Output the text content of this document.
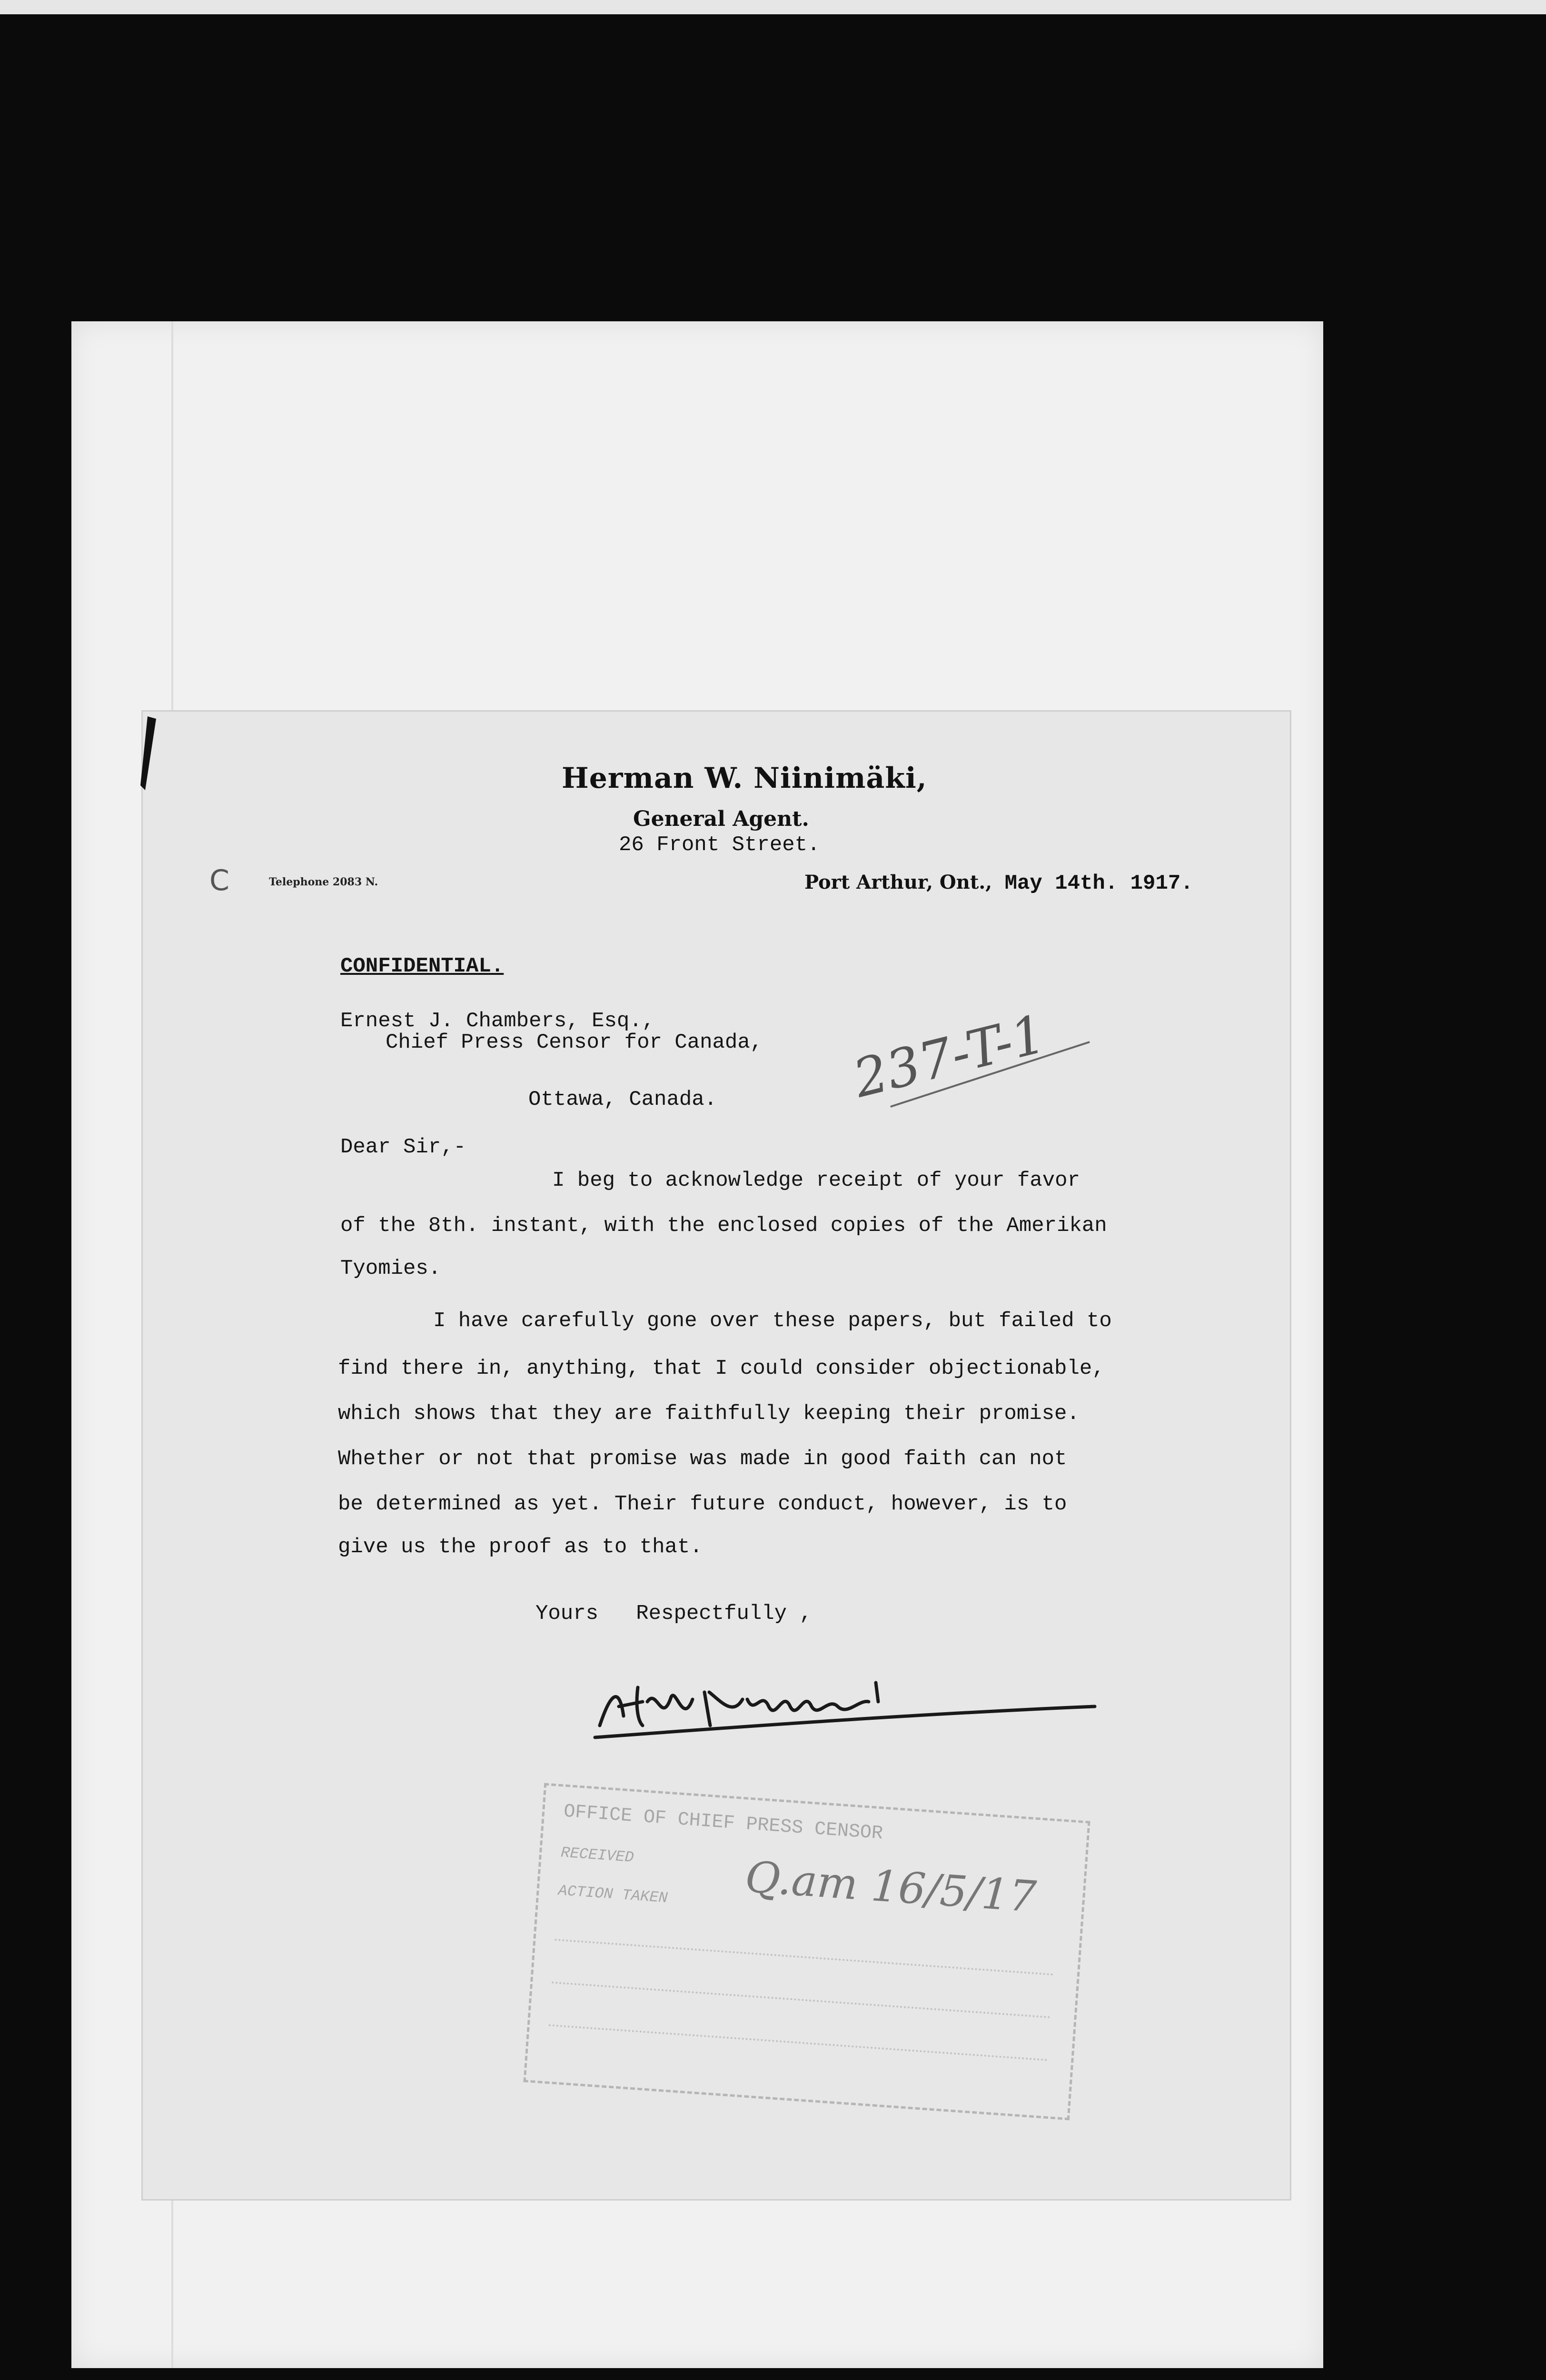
Herman W. Niinimäki,
General Agent.
26 Front Street.
C	Telephone 2083 N.	Port Arthur, Ont., May 14th. 1917.
CONFIDENTIAL.
Ernest J. Chambers, Esq.,
Chief Press Censor for Canada,
Ottawa, Canada. 237-T-1
Dear Sir,-
I beg to acknowledge receipt of your favor
of the 8th. instant, with the enclosed copies of the Amerikan
Tyomies.
I have carefully gone over these papers, but failed to
find there in, anything, that I could consider objectionable,
which shows that they are faithfully keeping their promise.
Whether or not that promise was made in good faith can not
be determined as yet. Their future conduct, however, is to
give us the proof as to that.
Yours   Respectfully ,
OFFICE OF CHIEF PRESS CENSOR
RECEIVED
ACTION TAKEN Q.am 16/5/17
